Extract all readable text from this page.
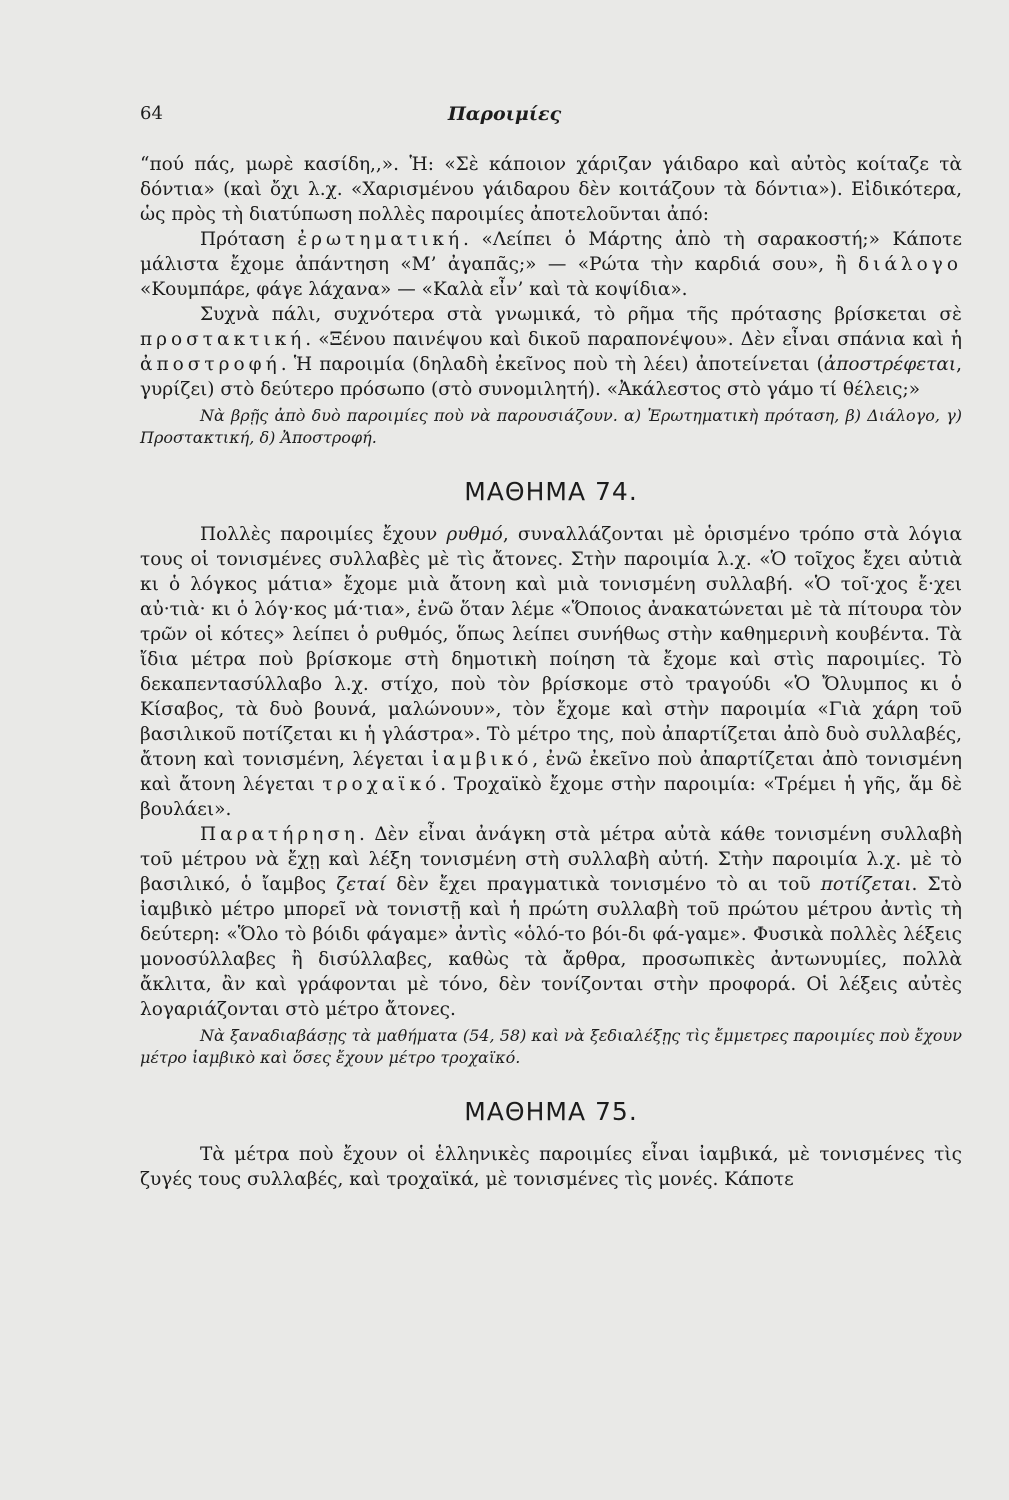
64	Παροιμίες

“πού πάς, μωρὲ κασίδη,,». Ἡ: «Σὲ κάποιον χάριζαν γάιδαρο καὶ αὐτὸς κοίταζε τὰ δόντια» (καὶ ὄχι λ.χ. «Χαρισμένου γάιδαρου δὲν κοιτάζουν τὰ δόντια»). Εἰδικότερα, ὡς πρὸς τὴ διατύπωση πολλὲς παροιμίες ἀποτελοῦνται ἀπό:

Πρόταση ἐρωτηματική. «Λείπει ὁ Μάρτης ἀπὸ τὴ σαρακοστή;» Κάποτε μάλιστα ἔχομε ἀπάντηση «Μ’ ἀγαπᾶς;» — «Ρώτα τὴν καρδιά σου», ἢ διάλογο «Κουμπάρε, φάγε λάχανα» — «Καλὰ εἶν’ καὶ τὰ κοψίδια».

Συχνὰ πάλι, συχνότερα στὰ γνωμικά, τὸ ρῆμα τῆς πρότασης βρίσκεται σὲ προστακτική. «Ξένου παινέψου καὶ δικοῦ παραπονέψου». Δὲν εἶναι σπάνια καὶ ἡ ἀποστροφή. Ἡ παροιμία (δηλαδὴ ἐκεῖνος ποὺ τὴ λέει) ἀποτείνεται (ἀποστρέφεται, γυρίζει) στὸ δεύτερο πρόσωπο (στὸ συνομιλητή). «Ἀκάλεστος στὸ γάμο τί θέλεις;»

Νὰ βρῇς ἀπὸ δυὸ παροιμίες ποὺ νὰ παρουσιάζουν. α) Ἐρωτηματικὴ πρόταση, β) Διάλογο, γ) Προστακτική, δ) Ἀποστροφή.

ΜΑΘΗΜΑ 74.

Πολλὲς παροιμίες ἔχουν ρυθμό, συναλλάζονται μὲ ὁρισμένο τρόπο στὰ λόγια τους οἱ τονισμένες συλλαβὲς μὲ τὶς ἄτονες. Στὴν παροιμία λ.χ. «Ὁ τοῖχος ἔχει αὐτιὰ κι ὁ λόγκος μάτια» ἔχομε μιὰ ἄτονη καὶ μιὰ τονισμένη συλλαβή. «Ὁ τοῖ·χος ἔ·χει αὐ·τιὰ· κι ὁ λόγ·κος μά·τια», ἐνῶ ὅταν λέμε «Ὅποιος ἀνακατώνεται μὲ τὰ πίτουρα τὸν τρῶν οἱ κότες» λείπει ὁ ρυθμός, ὅπως λείπει συνήθως στὴν καθημερινὴ κουβέντα. Τὰ ἴδια μέτρα ποὺ βρίσκομε στὴ δημοτικὴ ποίηση τὰ ἔχομε καὶ στὶς παροιμίες. Τὸ δεκαπεντασύλλαβο λ.χ. στίχο, ποὺ τὸν βρίσκομε στὸ τραγούδι «Ὁ Ὄλυμπος κι ὁ Κίσαβος, τὰ δυὸ βουνά, μαλώνουν», τὸν ἔχομε καὶ στὴν παροιμία «Γιὰ χάρη τοῦ βασιλικοῦ ποτίζεται κι ἡ γλάστρα». Τὸ μέτρο της, ποὺ ἀπαρτίζεται ἀπὸ δυὸ συλλαβές, ἄτονη καὶ τονισμένη, λέγεται ἰαμβικό, ἐνῶ ἐκεῖνο ποὺ ἀπαρτίζεται ἀπὸ τονισμένη καὶ ἄτονη λέγεται τροχαϊκό. Τροχαϊκὸ ἔχομε στὴν παροιμία: «Τρέμει ἡ γῆς, ἅμ δὲ βουλάει».

Παρατήρηση. Δὲν εἶναι ἀνάγκη στὰ μέτρα αὐτὰ κάθε τονισμένη συλλαβὴ τοῦ μέτρου νὰ ἔχῃ καὶ λέξη τονισμένη στὴ συλλαβὴ αὐτή. Στὴν παροιμία λ.χ. μὲ τὸ βασιλικό, ὁ ἴαμβος ζεταί δὲν ἔχει πραγματικὰ τονισμένο τὸ αι τοῦ ποτίζεται. Στὸ ἰαμβικὸ μέτρο μπορεῖ νὰ τονιστῇ καὶ ἡ πρώτη συλλαβὴ τοῦ πρώτου μέτρου ἀντὶς τὴ δεύτερη: «Ὅλο τὸ βόιδι φάγαμε» ἀντὶς «ὁλό-το βόι-δι φά-γαμε». Φυσικὰ πολλὲς λέξεις μονοσύλλαβες ἢ δισύλλαβες, καθὼς τὰ ἄρθρα, προσωπικὲς ἀντωνυμίες, πολλὰ ἄκλιτα, ἂν καὶ γράφονται μὲ τόνο, δὲν τονίζονται στὴν προφορά. Οἱ λέξεις αὐτὲς λογαριάζονται στὸ μέτρο ἄτονες.

Νὰ ξαναδιαβάσῃς τὰ μαθήματα (54, 58) καὶ νὰ ξεδιαλέξῃς τὶς ἔμμετρες παροιμίες ποὺ ἔχουν μέτρο ἰαμβικὸ καὶ ὅσες ἔχουν μέτρο τροχαϊκό.

ΜΑΘΗΜΑ 75.

Τὰ μέτρα ποὺ ἔχουν οἱ ἑλληνικὲς παροιμίες εἶναι ἰαμβικά, μὲ τονισμένες τὶς ζυγές τους συλλαβές, καὶ τροχαϊκά, μὲ τονισμένες τὶς μονές. Κάποτε
